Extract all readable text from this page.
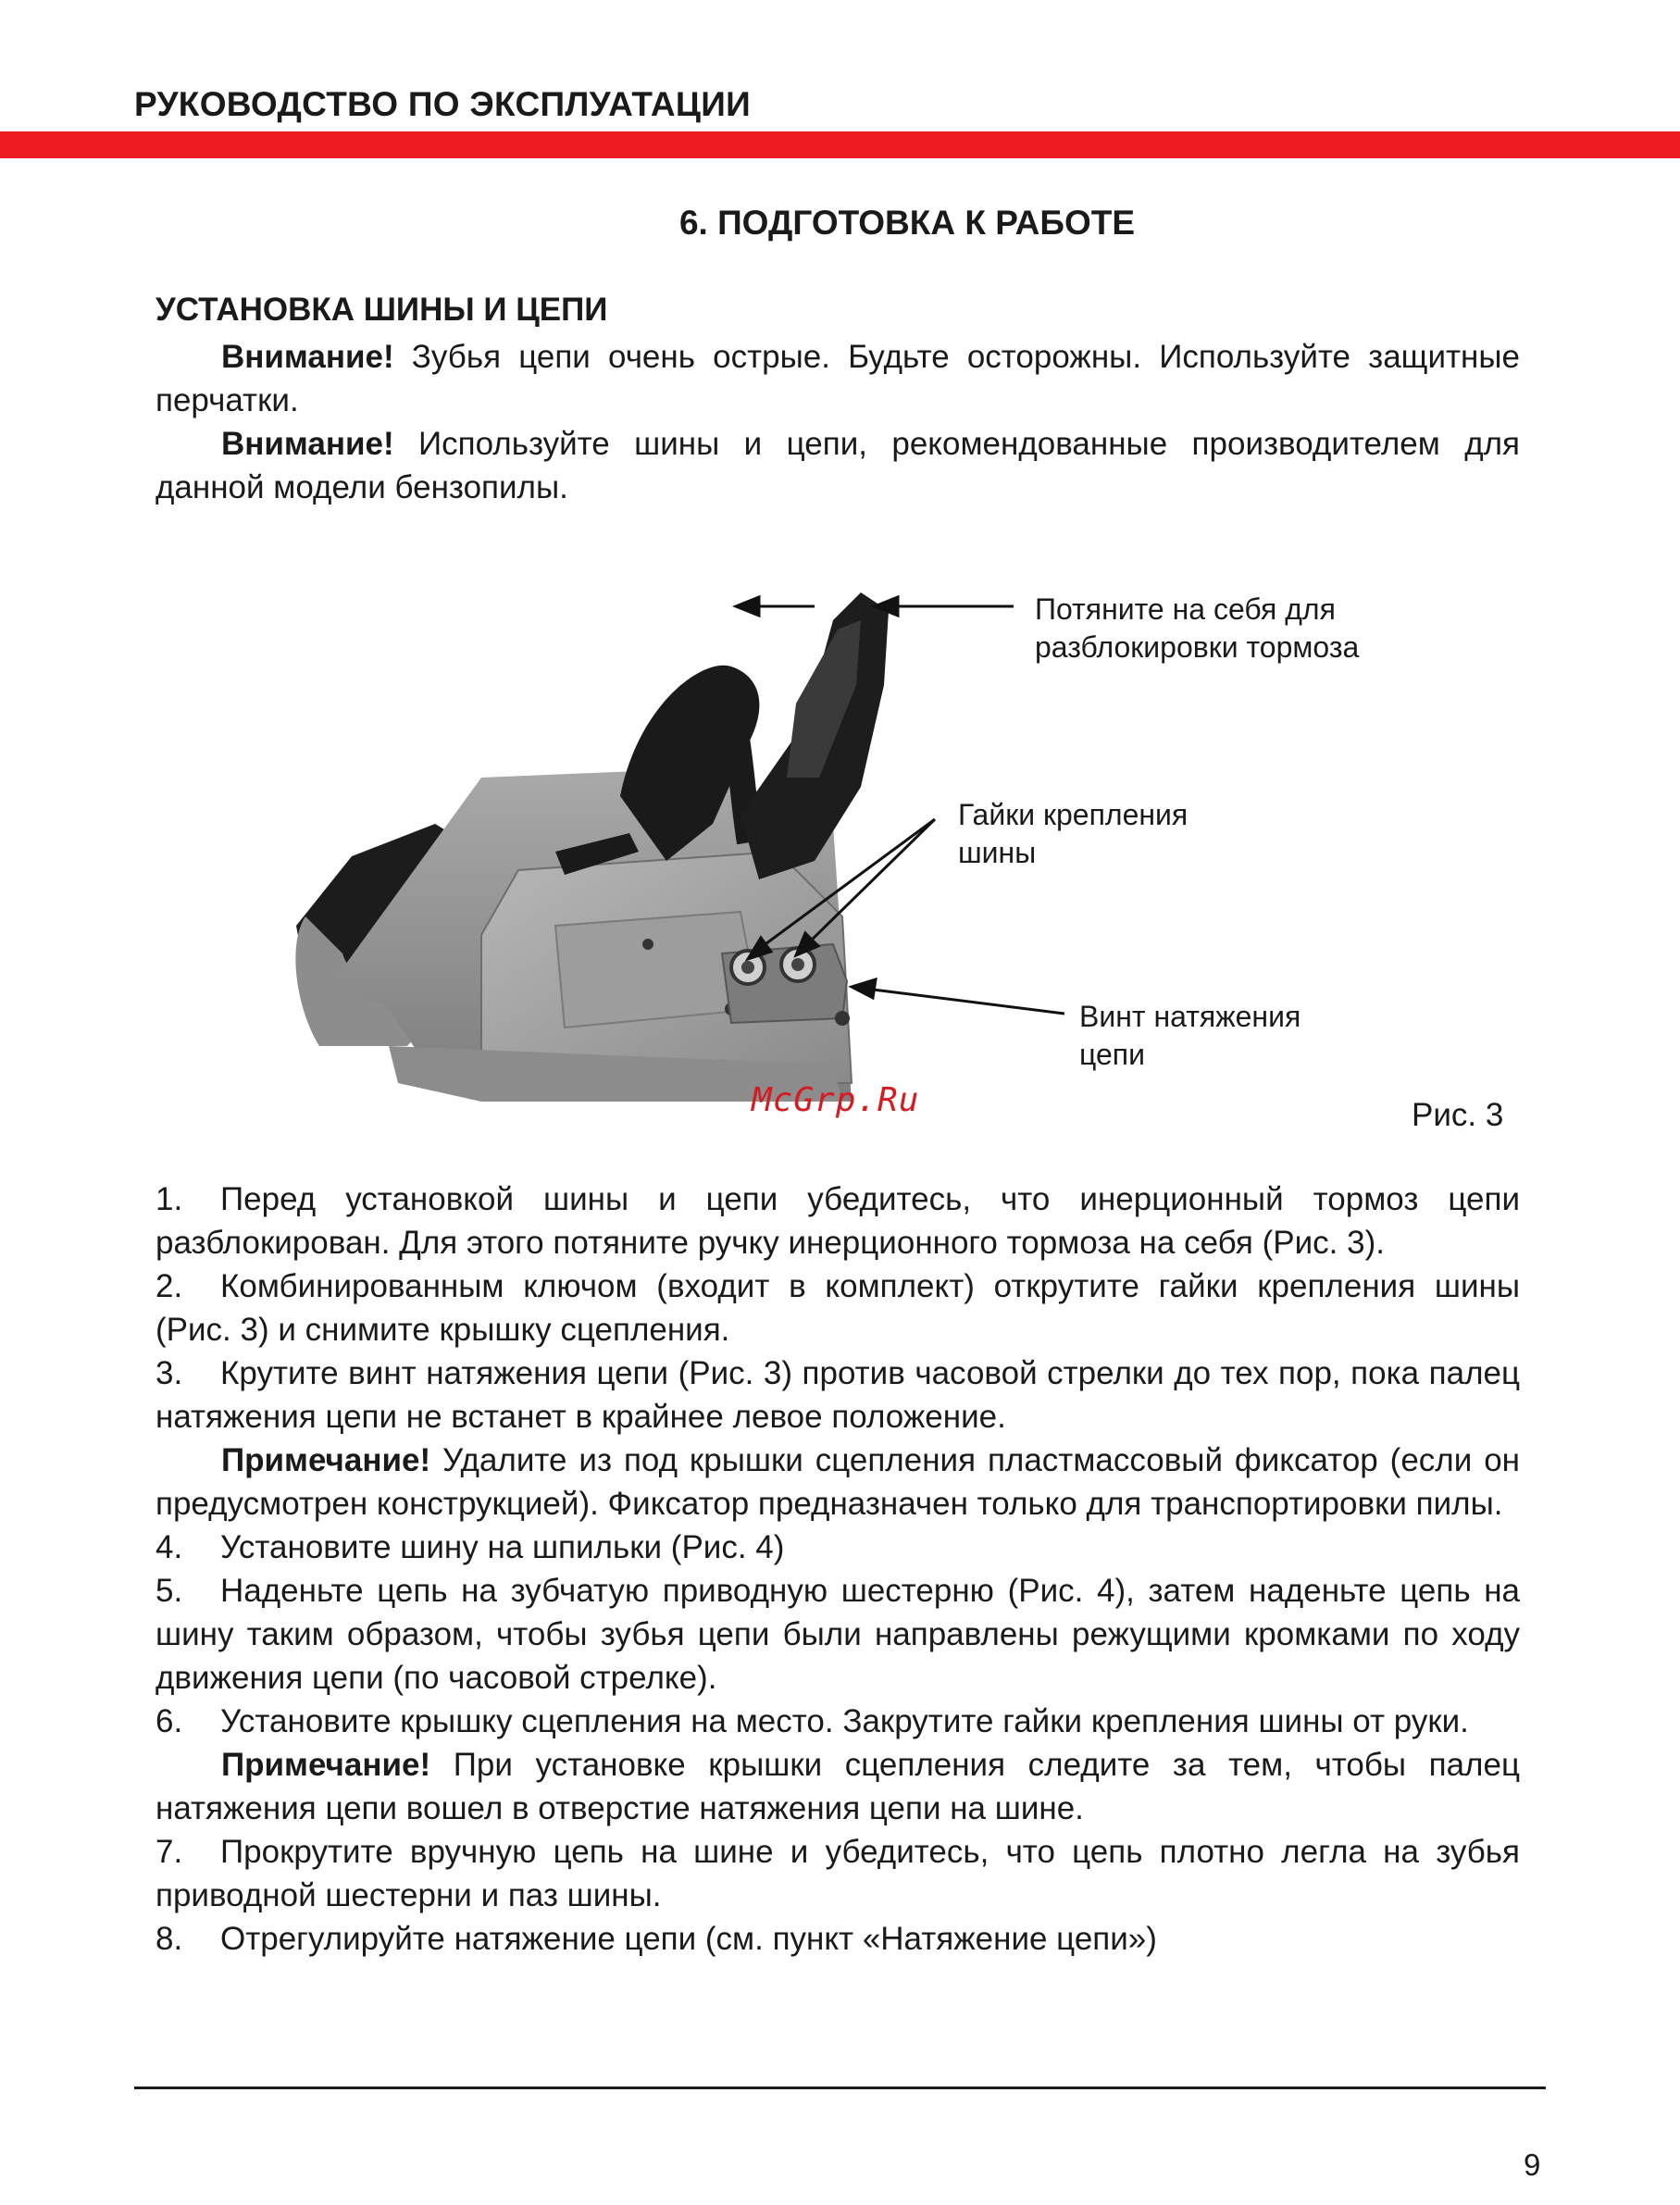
РУКОВОДСТВО ПО ЭКСПЛУАТАЦИИ
6. ПОДГОТОВКА К РАБОТЕ
УСТАНОВКА ШИНЫ И ЦЕПИ

Внимание! Зубья цепи очень острые. Будьте осторожны. Используйте защитные перчатки.

Внимание! Используйте шины и цепи, рекомендованные производителем для данной модели бензопилы.

Потяните на себя для
разблокировки тормоза
Гайки крепления
шины
Винт натяжения
цепи
McGrp.Ru	Рис. 3

1. Перед установкой шины и цепи убедитесь, что инерционный тормоз цепи разблокирован. Для этого потяните ручку инерционного тормоза на себя (Рис. 3).

2. Комбинированным ключом (входит в комплект) открутите гайки крепления шины (Рис. 3) и снимите крышку сцепления.

3. Крутите винт натяжения цепи (Рис. 3) против часовой стрелки до тех пор, пока палец натяжения цепи не встанет в крайнее левое положение.

Примечание! Удалите из под крышки сцепления пластмассовый фиксатор (если он предусмотрен конструкцией). Фиксатор предназначен только для транспортировки пилы.

4. Установите шину на шпильки (Рис. 4)

5. Наденьте цепь на зубчатую приводную шестерню (Рис. 4), затем наденьте цепь на шину таким образом, чтобы зубья цепи были направлены режущими кромками по ходу движения цепи (по часовой стрелке).

6. Установите крышку сцепления на место. Закрутите гайки крепления шины от руки.

Примечание! При установке крышки сцепления следите за тем, чтобы палец натяжения цепи вошел в отверстие натяжения цепи на шине.

7. Прокрутите вручную цепь на шине и убедитесь, что цепь плотно легла на зубья приводной шестерни и паз шины.

8. Отрегулируйте натяжение цепи (см. пункт «Натяжение цепи»)

9
